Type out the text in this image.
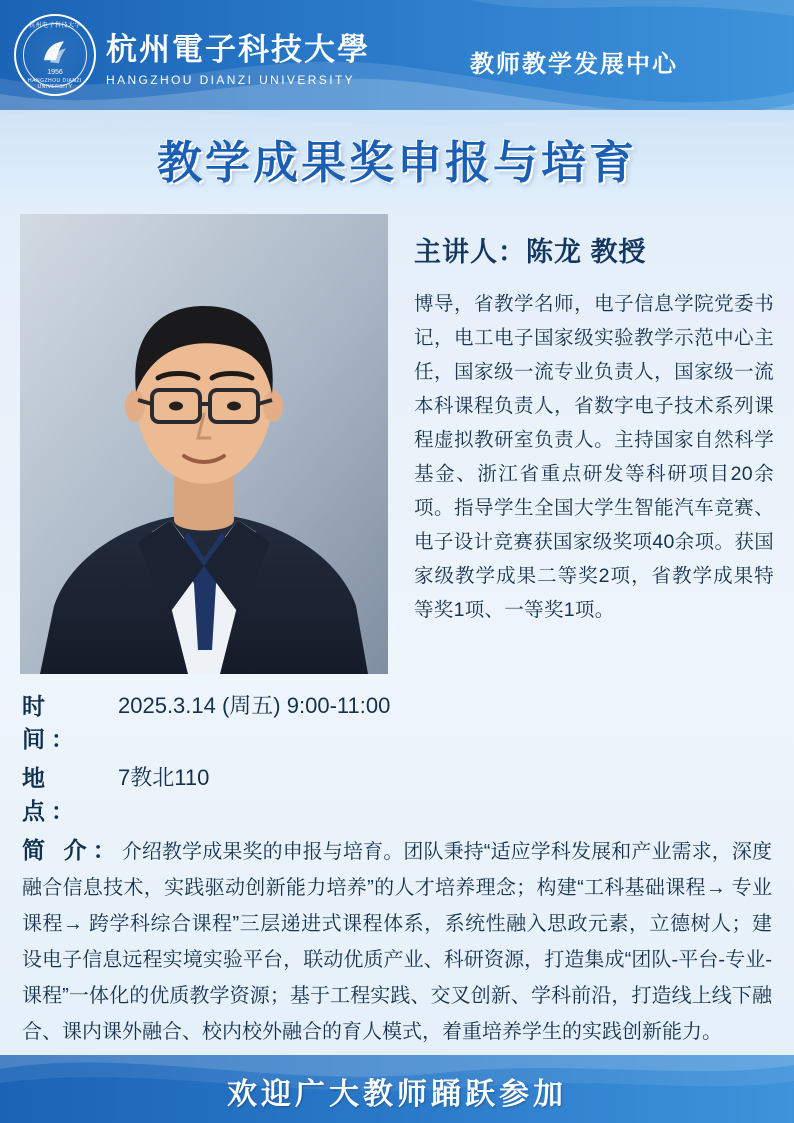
杭州电子科技大学
1956
HANGZHOU DIANZI UNIVERSITY
杭州電子科技大學
HANGZHOU DIANZI UNIVERSITY
教师教学发展中心
教学成果奖申报与培育
主讲人：陈龙 教授
博导，省教学名师，电子信息学院党委书记，电工电子国家级实验教学示范中心主任，国家级一流专业负责人，国家级一流本科课程负责人，省数字电子技术系列课程虚拟教研室负责人。主持国家自然科学基金、浙江省重点研发等科研项目20余项。指导学生全国大学生智能汽车竞赛、电子设计竞赛获国家级奖项40余项。获国家级教学成果二等奖2项，省教学成果特等奖1项、一等奖1项。
时 间：
2025.3.14 (周五) 9:00-11:00
地 点：
7教北110

简 介：介绍教学成果奖的申报与培育。团队秉持“适应学科发展和产业需求，深度融合信息技术，实践驱动创新能力培养”的人才培养理念；构建“工科基础课程→ 专业课程→ 跨学科综合课程”三层递进式课程体系，系统性融入思政元素，立德树人；建设电子信息远程实境实验平台，联动优质产业、科研资源，打造集成“团队-平台-专业-课程”一体化的优质教学资源；基于工程实践、交叉创新、学科前沿，打造线上线下融合、课内课外融合、校内校外融合的育人模式，着重培养学生的实践创新能力。

欢迎广大教师踊跃参加
